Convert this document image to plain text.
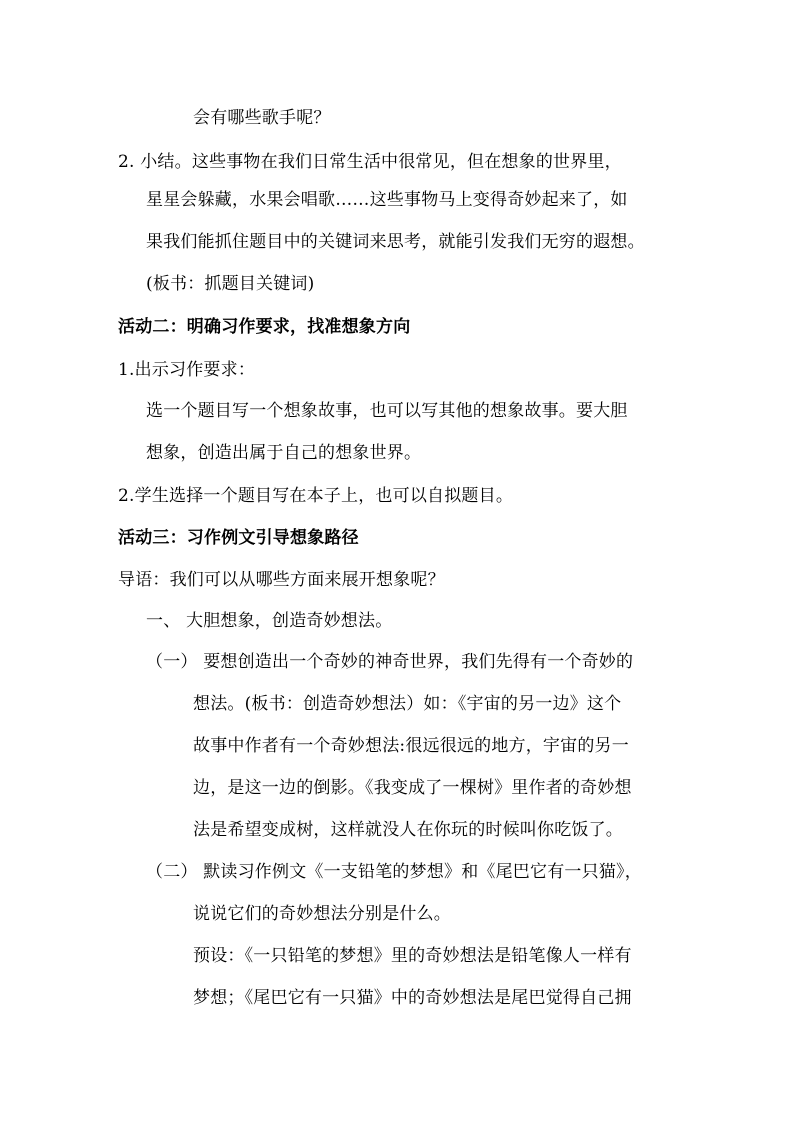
会有哪些歌手呢？
2. 小结。这些事物在我们日常生活中很常见，但在想象的世界里，
星星会躲藏，水果会唱歌……这些事物马上变得奇妙起来了，如
果我们能抓住题目中的关键词来思考，就能引发我们无穷的遐想。
(板书：抓题目关键词)
活动二：明确习作要求，找准想象方向
1.出示习作要求：
选一个题目写一个想象故事，也可以写其他的想象故事。要大胆
想象，创造出属于自己的想象世界。
2.学生选择一个题目写在本子上，也可以自拟题目。
活动三：习作例文引导想象路径
导语：我们可以从哪些方面来展开想象呢？
一、 大胆想象，创造奇妙想法。
（一） 要想创造出一个奇妙的神奇世界，我们先得有一个奇妙的
想法。(板书：创造奇妙想法）如：《宇宙的另一边》这个
故事中作者有一个奇妙想法:很远很远的地方，宇宙的另一
边，是这一边的倒影。《我变成了一棵树》里作者的奇妙想
法是希望变成树，这样就没人在你玩的时候叫你吃饭了。
（二） 默读习作例文《一支铅笔的梦想》和《尾巴它有一只猫》，
说说它们的奇妙想法分别是什么。
预设：《一只铅笔的梦想》里的奇妙想法是铅笔像人一样有
梦想；《尾巴它有一只猫》中的奇妙想法是尾巴觉得自己拥
